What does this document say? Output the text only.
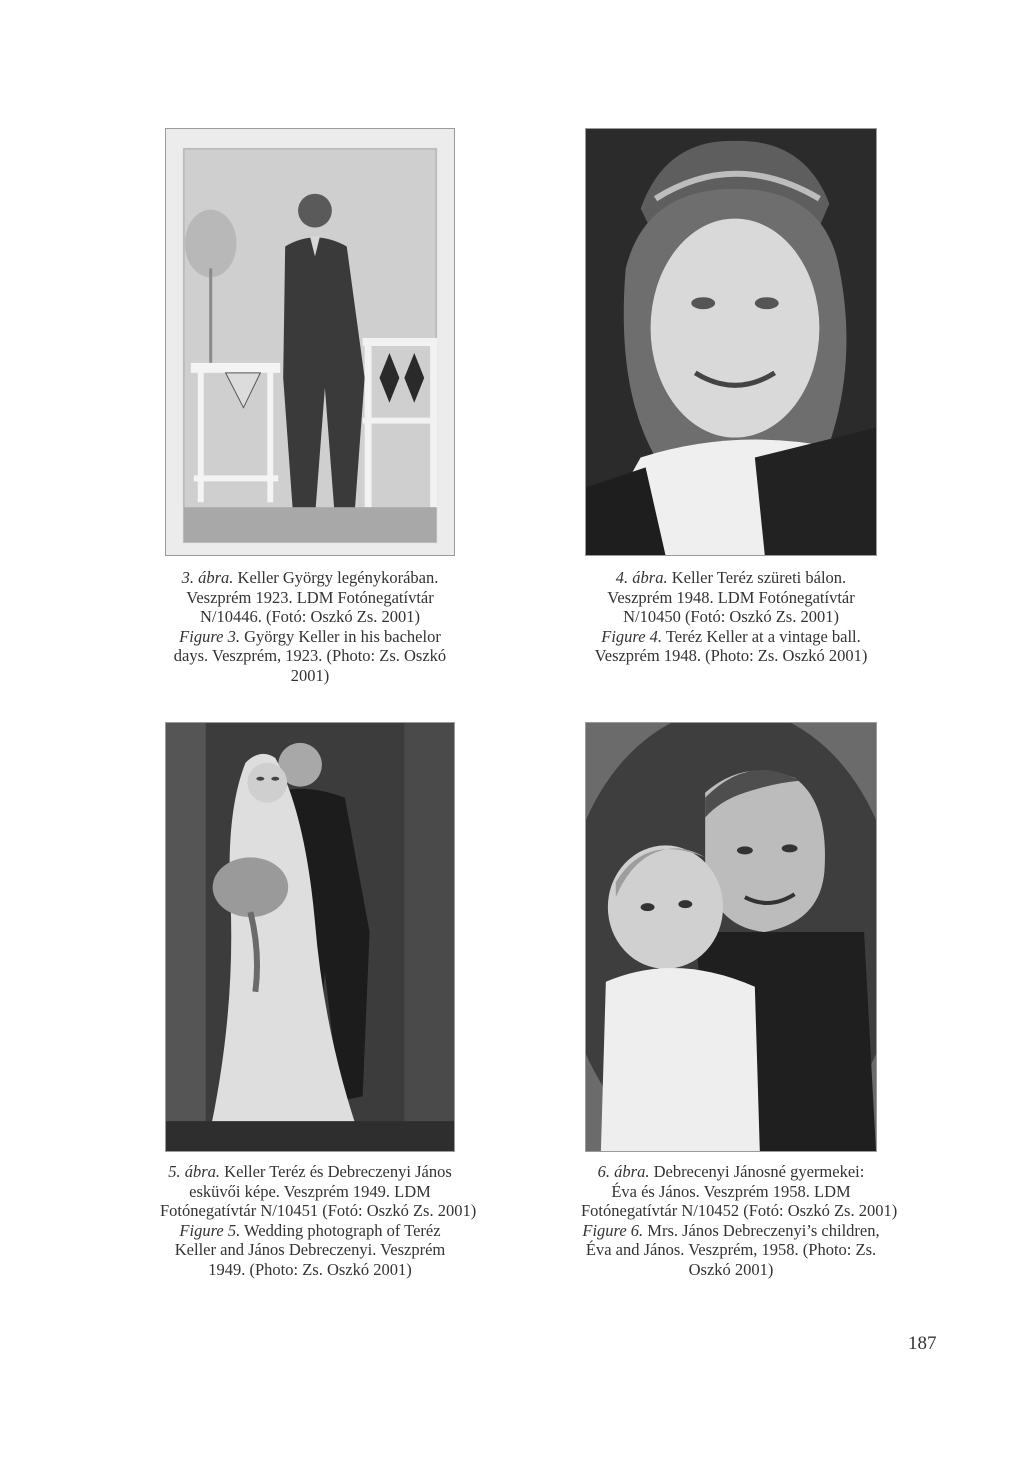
3. ábra. Keller György legénykorában.
Veszprém 1923. LDM Fotónegatívtár
N/10446. (Fotó: Oszkó Zs. 2001)
Figure 3. György Keller in his bachelor
days. Veszprém, 1923. (Photo: Zs. Oszkó
2001)
4. ábra. Keller Teréz szüreti bálon.
Veszprém 1948. LDM Fotónegatívtár
N/10450 (Fotó: Oszkó Zs. 2001)
Figure 4. Teréz Keller at a vintage ball.
Veszprém 1948. (Photo: Zs. Oszkó 2001)
5. ábra. Keller Teréz és Debreczenyi János
esküvői képe. Veszprém 1949. LDM
Fotónegatívtár N/10451 (Fotó: Oszkó Zs. 2001)
Figure 5. Wedding photograph of Teréz
Keller and János Debreczenyi. Veszprém
1949. (Photo: Zs. Oszkó 2001)
6. ábra. Debrecenyi Jánosné gyermekei:
Éva és János. Veszprém 1958. LDM
Fotónegatívtár N/10452 (Fotó: Oszkó Zs. 2001)
Figure 6. Mrs. János Debreczenyi’s children,
Éva and János. Veszprém, 1958. (Photo: Zs.
Oszkó 2001)
187
